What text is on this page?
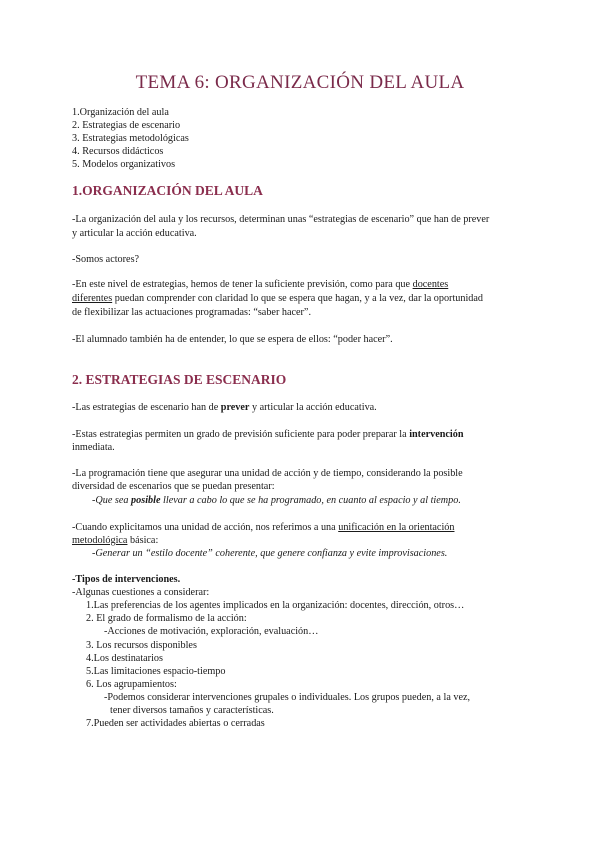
TEMA 6: ORGANIZACIÓN DEL AULA
1.Organización del aula
2. Estrategias de escenario
3. Estrategias metodológicas
4. Recursos didácticos
5. Modelos organizativos
1.ORGANIZACIÓN DEL AULA
-La organización del aula y los recursos, determinan unas “estrategias de escenario” que han de prever
y articular la acción educativa.
-Somos actores?
-En este nivel de estrategias, hemos de tener la suficiente previsión, como para que docentes
diferentes puedan comprender con claridad lo que se espera que hagan, y a la vez, dar la oportunidad
de flexibilizar las actuaciones programadas: “saber hacer”.
-El alumnado también ha de entender, lo que se espera de ellos: “poder hacer”.
2. ESTRATEGIAS DE ESCENARIO
-Las estrategias de escenario han de prever y articular la acción educativa.
-Estas estrategias permiten un grado de previsión suficiente para poder preparar la intervención
inmediata.
-La programación tiene que asegurar una unidad de acción y de tiempo, considerando la posible
diversidad de escenarios que se puedan presentar:
-Que sea posible llevar a cabo lo que se ha programado, en cuanto al espacio y al tiempo.
-Cuando explicitamos una unidad de acción, nos referimos a una unificación en la orientación
metodológica básica:
-Generar un “estilo docente” coherente, que genere confianza y evite improvisaciones.
-Tipos de intervenciones.
-Algunas cuestiones a considerar:
1.Las preferencias de los agentes implicados en la organización: docentes, dirección, otros…
2. El grado de formalismo de la acción:
-Acciones de motivación, exploración, evaluación…
3. Los recursos disponibles
4.Los destinatarios
5.Las limitaciones espacio-tiempo
6. Los agrupamientos:
-Podemos considerar intervenciones grupales o individuales. Los grupos pueden, a la vez,
tener diversos tamaños y características.
7.Pueden ser actividades abiertas o cerradas
